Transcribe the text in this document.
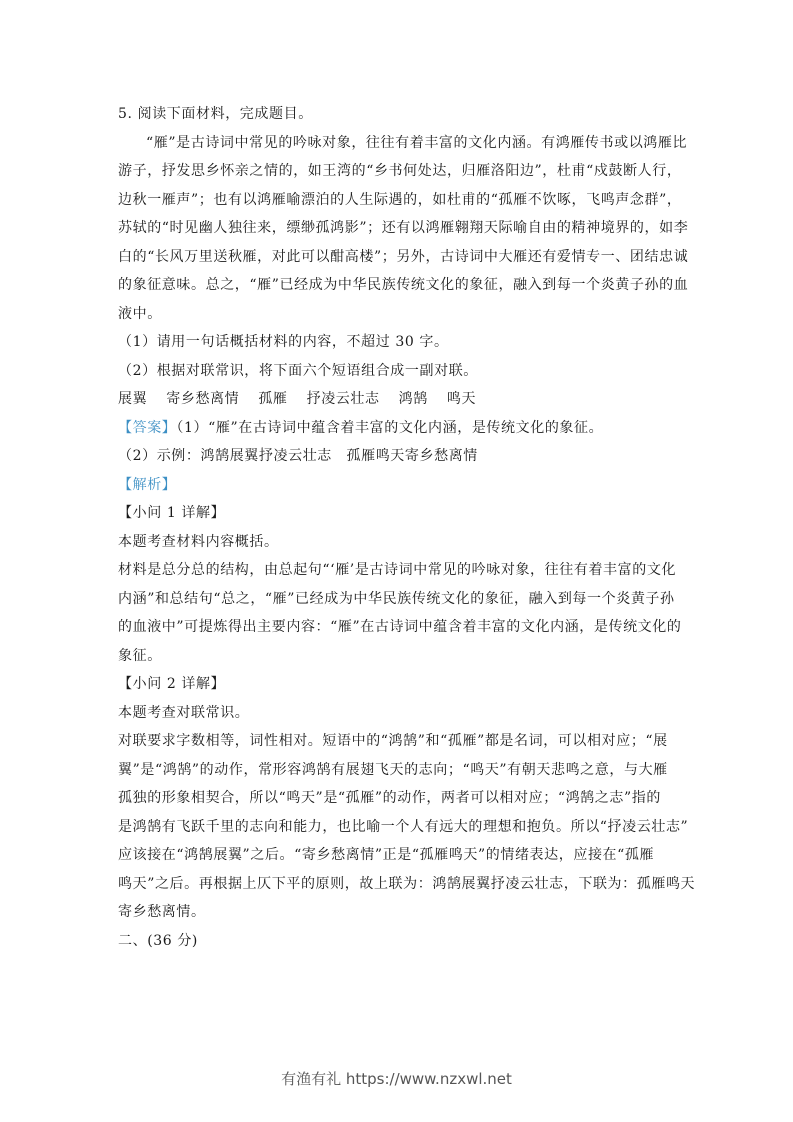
5. 阅读下面材料，完成题目。
“雁”是古诗词中常见的吟咏对象，往往有着丰富的文化内涵。有鸿雁传书或以鸿雁比
游子，抒发思乡怀亲之情的，如王湾的“乡书何处达，归雁洛阳边”，杜甫“戍鼓断人行，
边秋一雁声”；也有以鸿雁喻漂泊的人生际遇的，如杜甫的“孤雁不饮啄，飞鸣声念群”，
苏轼的“时见幽人独往来，缥缈孤鸿影”；还有以鸿雁翱翔天际喻自由的精神境界的，如李
白的“长风万里送秋雁，对此可以酣高楼”；另外，古诗词中大雁还有爱情专一、团结忠诚
的象征意味。总之，“雁”已经成为中华民族传统文化的象征，融入到每一个炎黄子孙的血
液中。
（1）请用一句话概括材料的内容，不超过 30 字。
（2）根据对联常识，将下面六个短语组合成一副对联。
展翼 寄乡愁离情 孤雁 抒凌云壮志 鸿鹄 鸣天
【答案】（1）“雁”在古诗词中蕴含着丰富的文化内涵，是传统文化的象征。
（2）示例：鸿鹄展翼抒凌云壮志　孤雁鸣天寄乡愁离情
【解析】
【小问 1 详解】
本题考查材料内容概括。
材料是总分总的结构，由总起句“‘雁’是古诗词中常见的吟咏对象，往往有着丰富的文化
内涵”和总结句“总之，“雁”已经成为中华民族传统文化的象征，融入到每一个炎黄子孙
的血液中”可提炼得出主要内容：“雁”在古诗词中蕴含着丰富的文化内涵，是传统文化的
象征。
【小问 2 详解】
本题考查对联常识。
对联要求字数相等，词性相对。短语中的“鸿鹄”和“孤雁”都是名词，可以相对应；“展
翼”是“鸿鹄”的动作，常形容鸿鹄有展翅飞天的志向；“鸣天”有朝天悲鸣之意，与大雁
孤独的形象相契合，所以“鸣天”是“孤雁”的动作，两者可以相对应；“鸿鹄之志”指的
是鸿鹄有飞跃千里的志向和能力，也比喻一个人有远大的理想和抱负。所以“抒凌云壮志”
应该接在“鸿鹄展翼”之后。“寄乡愁离情”正是“孤雁鸣天”的情绪表达，应接在“孤雁
鸣天”之后。再根据上仄下平的原则，故上联为：鸿鹄展翼抒凌云壮志，下联为：孤雁鸣天
寄乡愁离情。
二、(36 分)
有渔有礼 https://www.nzxwl.net
